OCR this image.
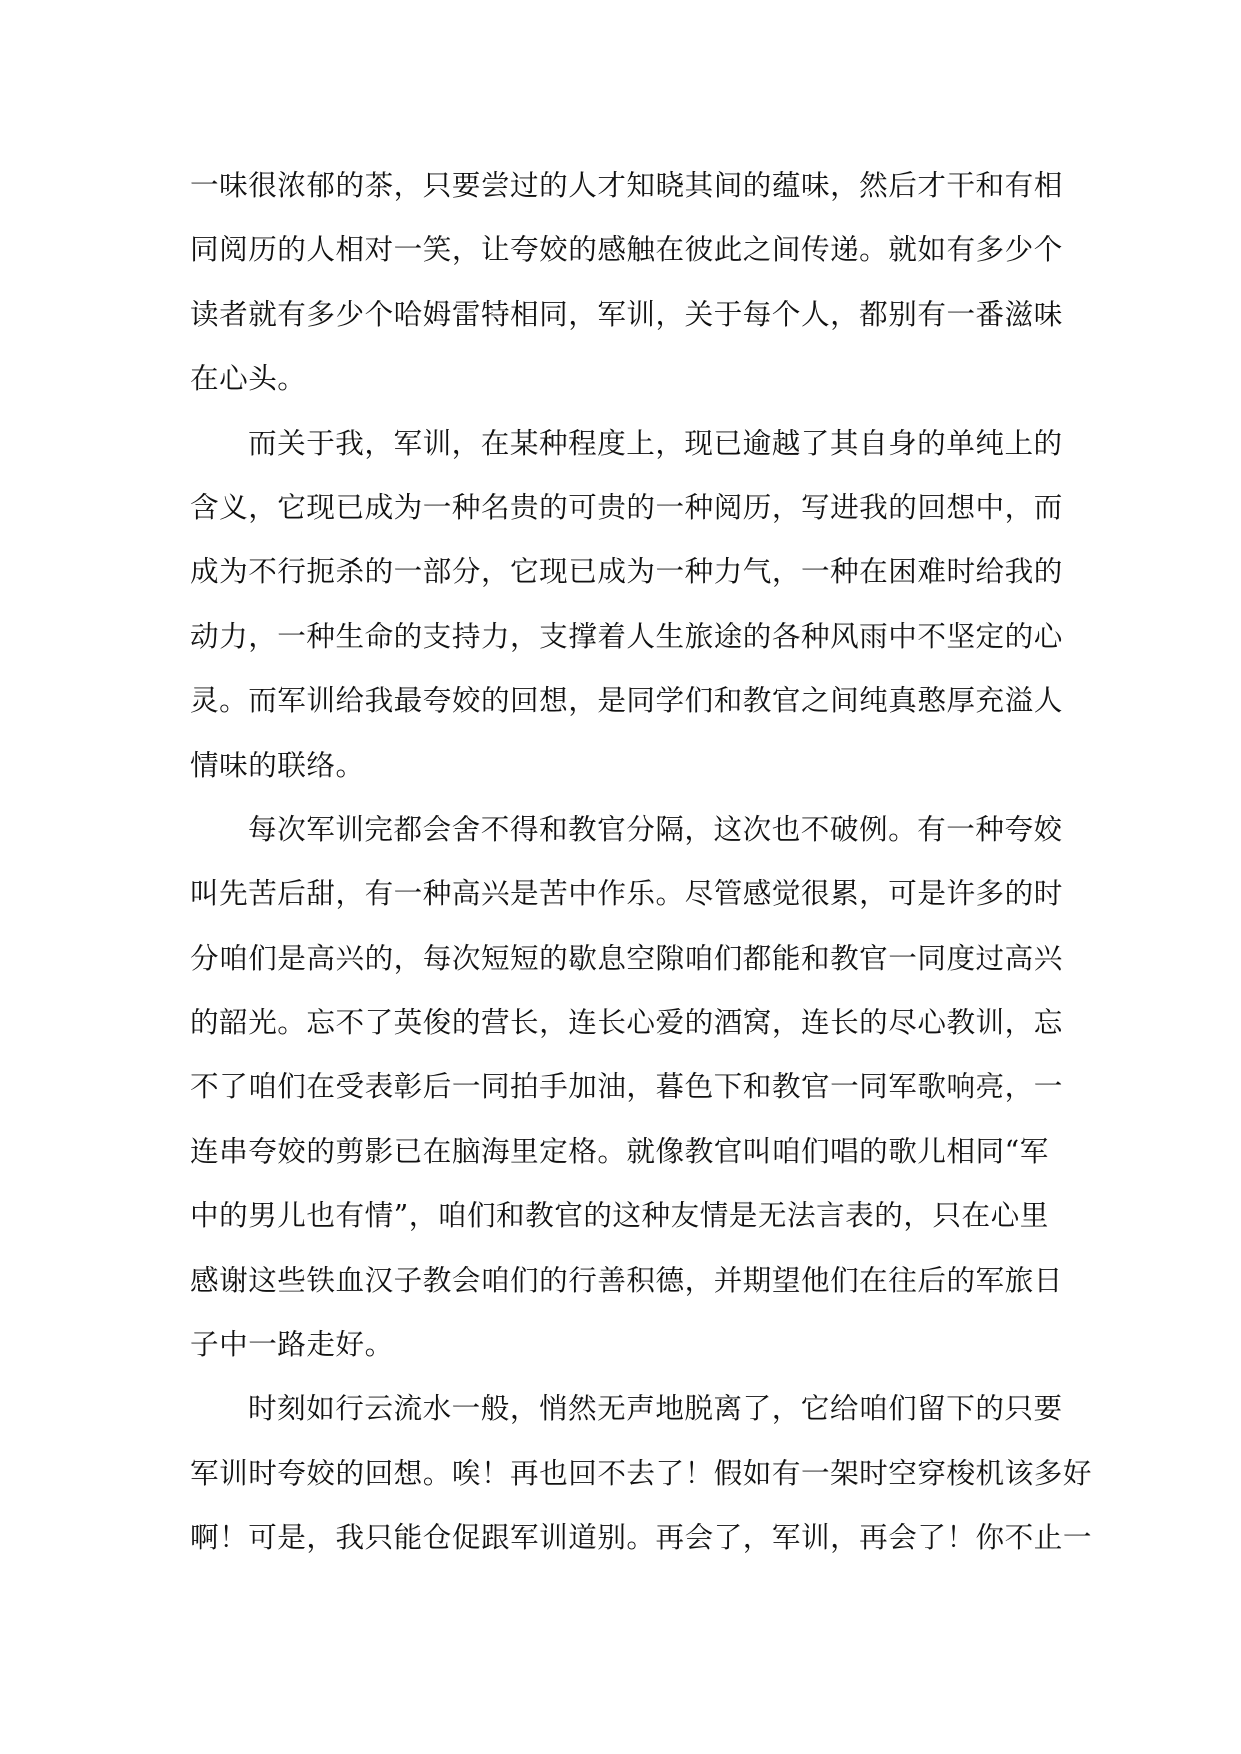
一味很浓郁的茶，只要尝过的人才知晓其间的蕴味，然后才干和有相
同阅历的人相对一笑，让夸姣的感触在彼此之间传递。就如有多少个
读者就有多少个哈姆雷特相同，军训，关于每个人，都别有一番滋味
在心头。
而关于我，军训，在某种程度上，现已逾越了其自身的单纯上的
含义，它现已成为一种名贵的可贵的一种阅历，写进我的回想中，而
成为不行扼杀的一部分，它现已成为一种力气，一种在困难时给我的
动力，一种生命的支持力，支撑着人生旅途的各种风雨中不坚定的心
灵。而军训给我最夸姣的回想，是同学们和教官之间纯真憨厚充溢人
情味的联络。
每次军训完都会舍不得和教官分隔，这次也不破例。有一种夸姣
叫先苦后甜，有一种高兴是苦中作乐。尽管感觉很累，可是许多的时
分咱们是高兴的，每次短短的歇息空隙咱们都能和教官一同度过高兴
的韶光。忘不了英俊的营长，连长心爱的酒窝，连长的尽心教训，忘
不了咱们在受表彰后一同拍手加油，暮色下和教官一同军歌响亮，一
连串夸姣的剪影已在脑海里定格。就像教官叫咱们唱的歌儿相同“军
中的男儿也有情”，咱们和教官的这种友情是无法言表的，只在心里
感谢这些铁血汉子教会咱们的行善积德，并期望他们在往后的军旅日
子中一路走好。
时刻如行云流水一般，悄然无声地脱离了，它给咱们留下的只要
军训时夸姣的回想。唉！再也回不去了！假如有一架时空穿梭机该多好
啊！可是，我只能仓促跟军训道别。再会了，军训，再会了！你不止一
